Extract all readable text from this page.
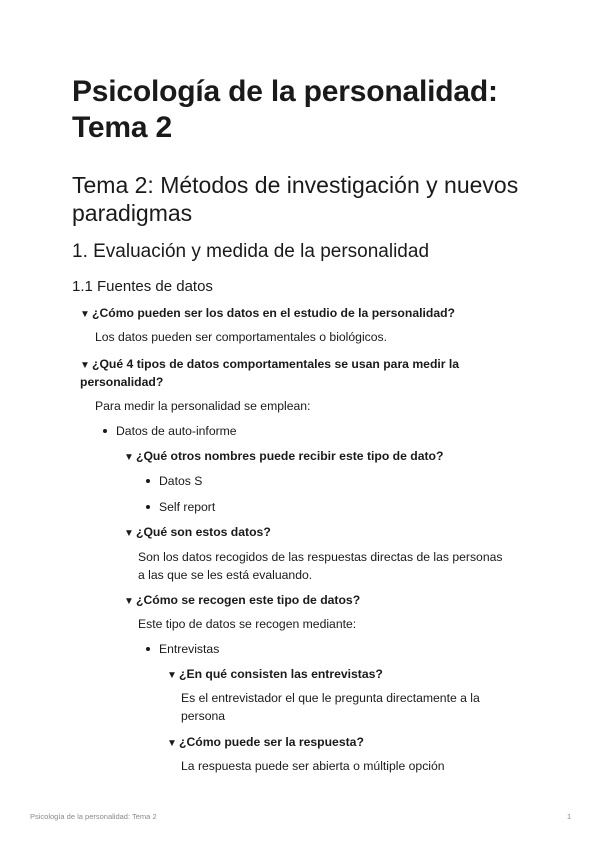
Psicología de la personalidad: Tema 2
Tema 2: Métodos de investigación y nuevos paradigmas
1. Evaluación y medida de la personalidad
1.1 Fuentes de datos
▼ ¿Cómo pueden ser los datos en el estudio de la personalidad?
Los datos pueden ser comportamentales o biológicos.
▼ ¿Qué 4 tipos de datos comportamentales se usan para medir la
personalidad?
Para medir la personalidad se emplean:
Datos de auto-informe
▼ ¿Qué otros nombres puede recibir este tipo de dato?
Datos S
Self report
▼ ¿Qué son estos datos?
Son los datos recogidos de las respuestas directas de las personas
a las que se les está evaluando.
▼ ¿Cómo se recogen este tipo de datos?
Este tipo de datos se recogen mediante:
Entrevistas
▼ ¿En qué consisten las entrevistas?
Es el entrevistador el que le pregunta directamente a la
persona
▼ ¿Cómo puede ser la respuesta?
La respuesta puede ser abierta o múltiple opción
Psicología de la personalidad: Tema 2	1
